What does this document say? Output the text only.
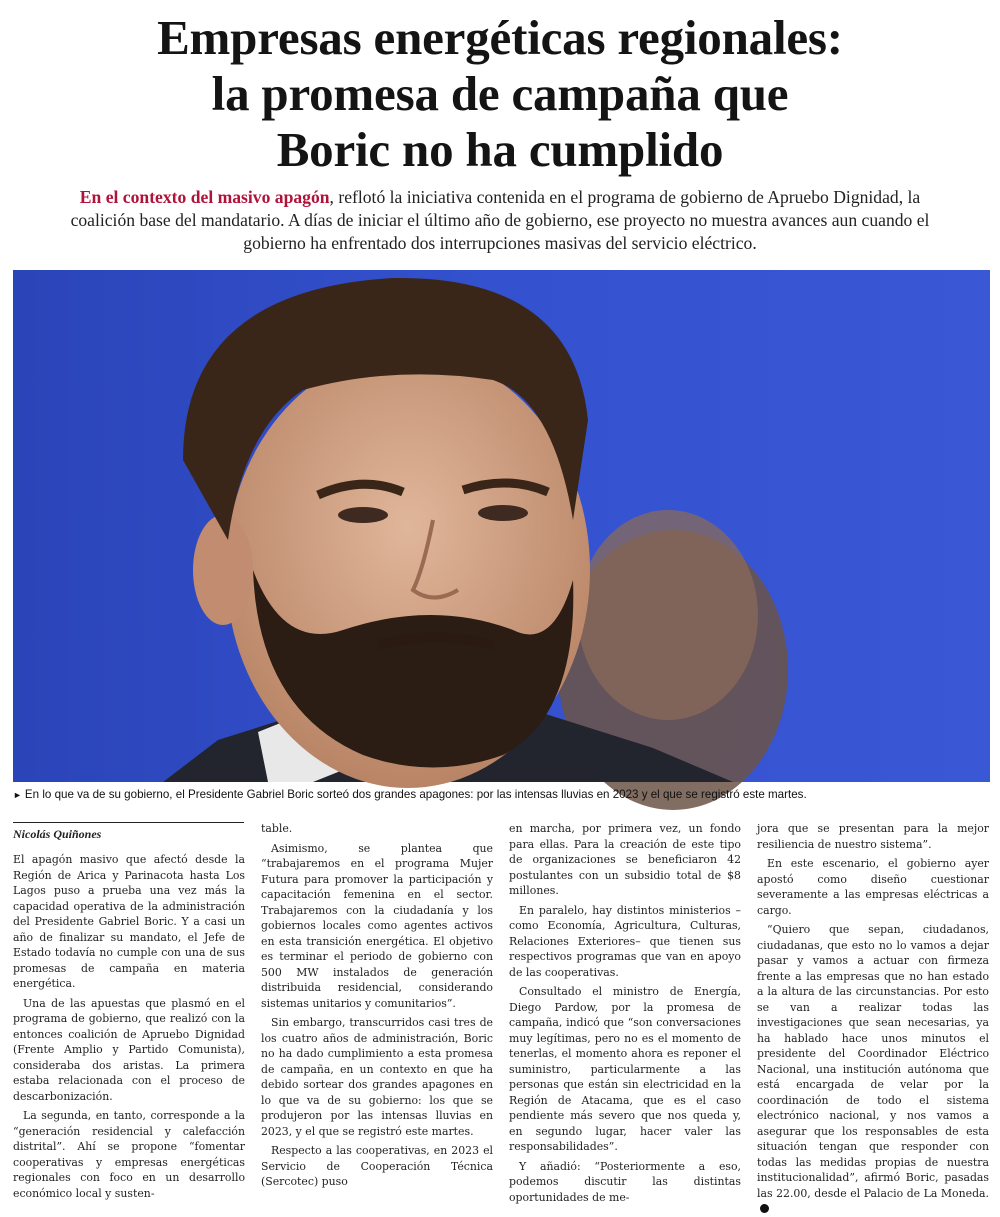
Empresas energéticas regionales:
la promesa de campaña que
Boric no ha cumplido

En el contexto del masivo apagón, reflotó la iniciativa contenida en el programa de gobierno de Apruebo Dignidad, la coalición base del mandatario. A días de iniciar el último año de gobierno, ese proyecto no muestra avances aun cuando el gobierno ha enfrentado dos interrupciones masivas del servicio eléctrico.

► En lo que va de su gobierno, el Presidente Gabriel Boric sorteó dos grandes apagones: por las intensas lluvias en 2023 y el que se registró este martes.

Nicolás Quiñones

El apagón masivo que afectó desde la Región de Arica y Parinacota hasta Los Lagos puso a prueba una vez más la capacidad operativa de la administración del Presidente Gabriel Boric. Y a casi un año de finalizar su mandato, el Jefe de Estado todavía no cumple con una de sus promesas de campaña en materia energética.

Una de las apuestas que plasmó en el programa de gobierno, que realizó con la entonces coalición de Apruebo Dignidad (Frente Amplio y Partido Comunista), consideraba dos aristas. La primera estaba relacionada con el proceso de descarbonización.

La segunda, en tanto, corresponde a la “generación residencial y calefacción distrital”. Ahí se propone “fomentar cooperativas y empresas energéticas regionales con foco en un desarrollo económico local y susten-

table.

Asimismo, se plantea que “trabajaremos en el programa Mujer Futura para promover la participación y capacitación femenina en el sector. Trabajaremos con la ciudadanía y los gobiernos locales como agentes activos en esta transición energética. El objetivo es terminar el periodo de gobierno con 500 MW instalados de generación distribuida residencial, considerando sistemas unitarios y comunitarios”.

Sin embargo, transcurridos casi tres de los cuatro años de administración, Boric no ha dado cumplimiento a esta promesa de campaña, en un contexto en que ha debido sortear dos grandes apagones en lo que va de su gobierno: los que se produjeron por las intensas lluvias en 2023, y el que se registró este martes.

Respecto a las cooperativas, en 2023 el Servicio de Cooperación Técnica (Sercotec) puso

en marcha, por primera vez, un fondo para ellas. Para la creación de este tipo de organizaciones se beneficiaron 42 postulantes con un subsidio total de $8 millones.

En paralelo, hay distintos ministerios –como Economía, Agricultura, Culturas, Relaciones Exteriores– que tienen sus respectivos programas que van en apoyo de las cooperativas.

Consultado el ministro de Energía, Diego Pardow, por la promesa de campaña, indicó que “son conversaciones muy legítimas, pero no es el momento de tenerlas, el momento ahora es reponer el suministro, particularmente a las personas que están sin electricidad en la Región de Atacama, que es el caso pendiente más severo que nos queda y, en segundo lugar, hacer valer las responsabilidades”.

Y añadió: “Posteriormente a eso, podemos discutir las distintas oportunidades de me-

jora que se presentan para la mejor resiliencia de nuestro sistema”.

En este escenario, el gobierno ayer apostó como diseño cuestionar severamente a las empresas eléctricas a cargo.

“Quiero que sepan, ciudadanos, ciudadanas, que esto no lo vamos a dejar pasar y vamos a actuar con firmeza frente a las empresas que no han estado a la altura de las circunstancias. Por esto se van a realizar todas las investigaciones que sean necesarias, ya ha hablado hace unos minutos el presidente del Coordinador Eléctrico Nacional, una institución autónoma que está encargada de velar por la coordinación de todo el sistema electrónico nacional, y nos vamos a asegurar que los responsables de esta situación tengan que responder con todas las medidas propias de nuestra institucionalidad”, afirmó Boric, pasadas las 22.00, desde el Palacio de La Moneda.
